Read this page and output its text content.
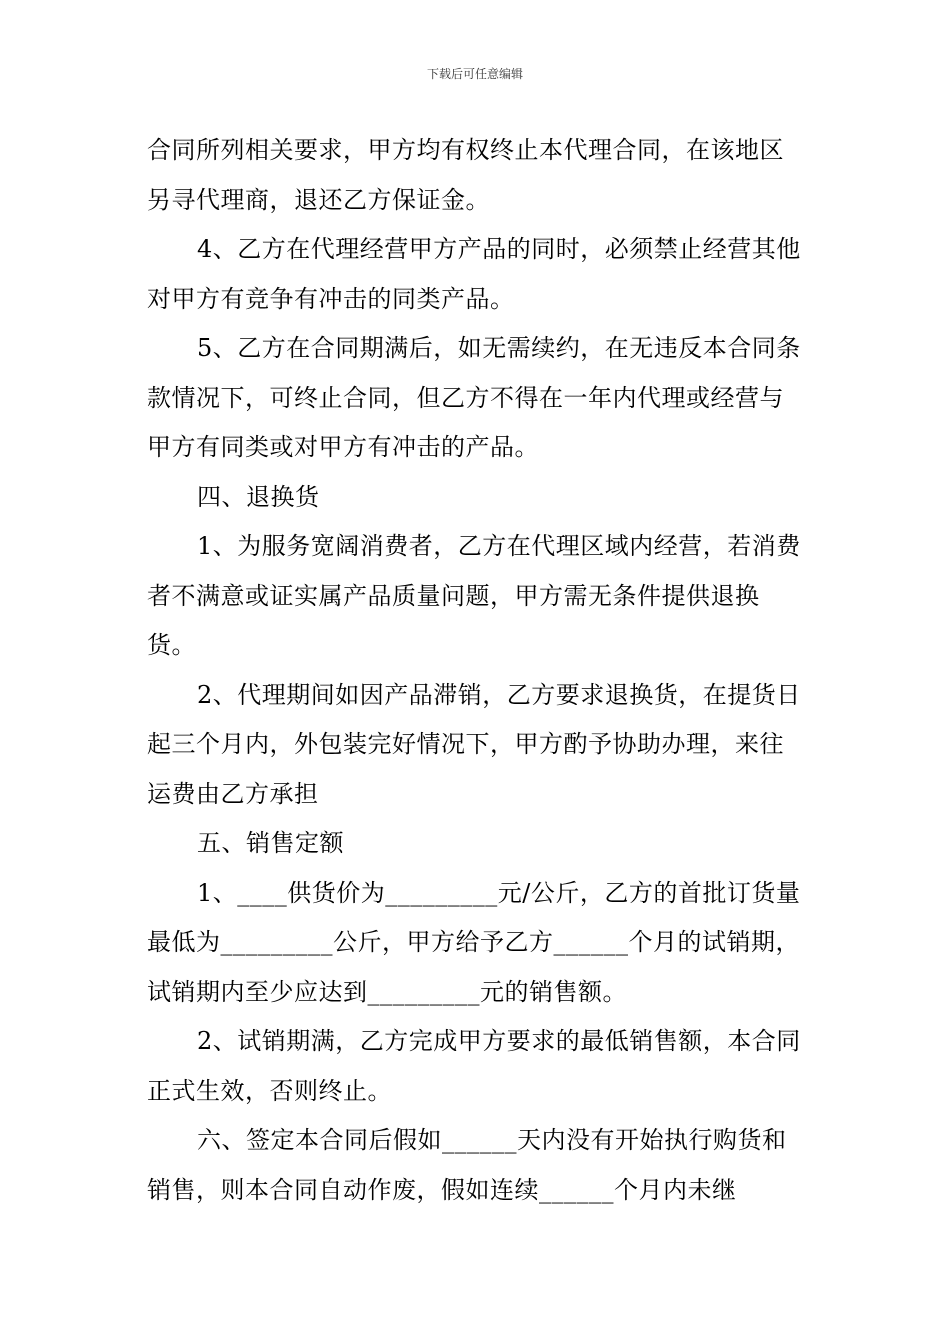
下载后可任意编辑

合同所列相关要求，甲方均有权终止本代理合同，在该地区另寻代理商，退还乙方保证金。

4、乙方在代理经营甲方产品的同时，必须禁止经营其他对甲方有竞争有冲击的同类产品。

5、乙方在合同期满后，如无需续约，在无违反本合同条款情况下，可终止合同，但乙方不得在一年内代理或经营与甲方有同类或对甲方有冲击的产品。

四、退换货

1、为服务宽阔消费者，乙方在代理区域内经营，若消费者不满意或证实属产品质量问题，甲方需无条件提供退换货。

2、代理期间如因产品滞销，乙方要求退换货，在提货日起三个月内，外包装完好情况下，甲方酌予协助办理，来往运费由乙方承担

五、销售定额

1、____供货价为_________元/公斤，乙方的首批订货量最低为_________公斤，甲方给予乙方______个月的试销期，试销期内至少应达到_________元的销售额。

2、试销期满，乙方完成甲方要求的最低销售额，本合同正式生效，否则终止。

六、签定本合同后假如______天内没有开始执行购货和销售，则本合同自动作废，假如连续______个月内未继
